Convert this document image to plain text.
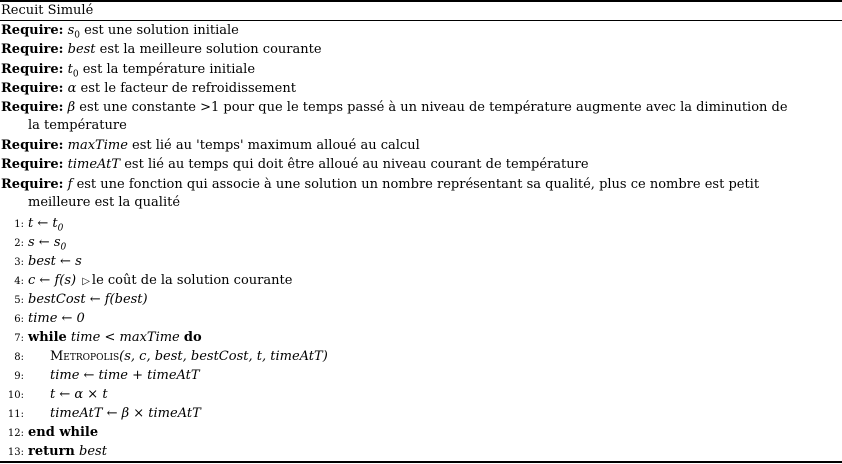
Recuit Simulé
Require: $s_0$ est une solution initiale
Require: best est la meilleure solution courante
Require: $t_0$ est la température initiale
Require: α est le facteur de refroidissement
Require: β est une constante >1 pour que le temps passé à un niveau de température augmente avec la diminution de
la température
Require: maxTime est lié au 'temps' maximum alloué au calcul
Require: timeAtT est lié au temps qui doit être alloué au niveau courant de température
Require: f est une fonction qui associe à une solution un nombre représentant sa qualité, plus ce nombre est petit
meilleure est la qualité
1: t ← $t_0$
2: s ← $s_0$
3: best ← s
4: c ← f(s) ▷ le coût de la solution courante
5: bestCost ← f(best)
6: time ← 0
7: while time < maxTime do
8: Metropolis(s, c, best, bestCost, t, timeAtT)
9: time ← time + timeAtT
10: t ← α × t
11: timeAtT ← β × timeAtT
12: end while
13: return best
